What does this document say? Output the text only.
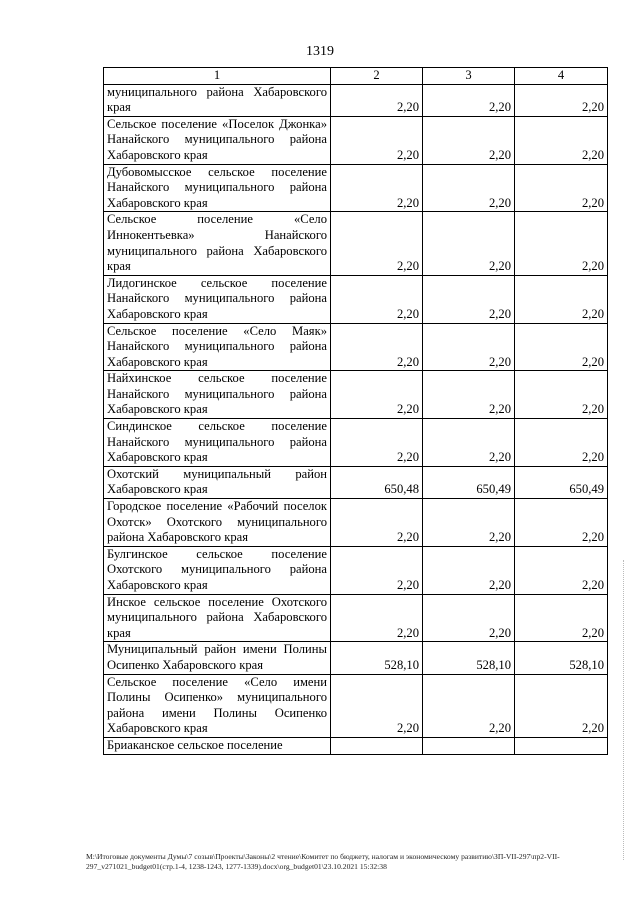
1319
1	2	3	4
муниципального района Хабаровского края	2,20	2,20	2,20
Сельское поселение «Поселок Джонка» Нанайского муниципального района Хабаровского края	2,20	2,20	2,20
Дубовомысское сельское поселение Нанайского муниципального района Хабаровского края	2,20	2,20	2,20
Сельское поселение «Село Иннокентьевка» Нанайского муниципального района Хабаровского края	2,20	2,20	2,20
Лидогинское сельское поселение Нанайского муниципального района Хабаровского края	2,20	2,20	2,20
Сельское поселение «Село Маяк» Нанайского муниципального района Хабаровского края	2,20	2,20	2,20
Найхинское сельское поселение Нанайского муниципального района Хабаровского края	2,20	2,20	2,20
Синдинское сельское поселение Нанайского муниципального района Хабаровского края	2,20	2,20	2,20
Охотский муниципальный район Хабаровского края	650,48	650,49	650,49
Городское поселение «Рабочий поселок Охотск» Охотского муниципального района Хабаровского края	2,20	2,20	2,20
Булгинское сельское поселение Охотского муниципального района Хабаровского края	2,20	2,20	2,20
Инское сельское поселение Охотского муниципального района Хабаровского края	2,20	2,20	2,20
Муниципальный район имени Полины Осипенко Хабаровского края	528,10	528,10	528,10
Сельское поселение «Село имени Полины Осипенко» муниципального района имени Полины Осипенко Хабаровского края	2,20	2,20	2,20
Бриаканское сельское поселение			
M:\Итоговые документы Думы\7 созыв\Проекты\Законы\2 чтение\Комитет по бюджету, налогам и экономическому развитию\ЗП-VII-297\пр2-VII-297_v271021_budget01(стр.1-4, 1238-1243, 1277-1339).docx\org_budget01\23.10.2021 15:32:38
